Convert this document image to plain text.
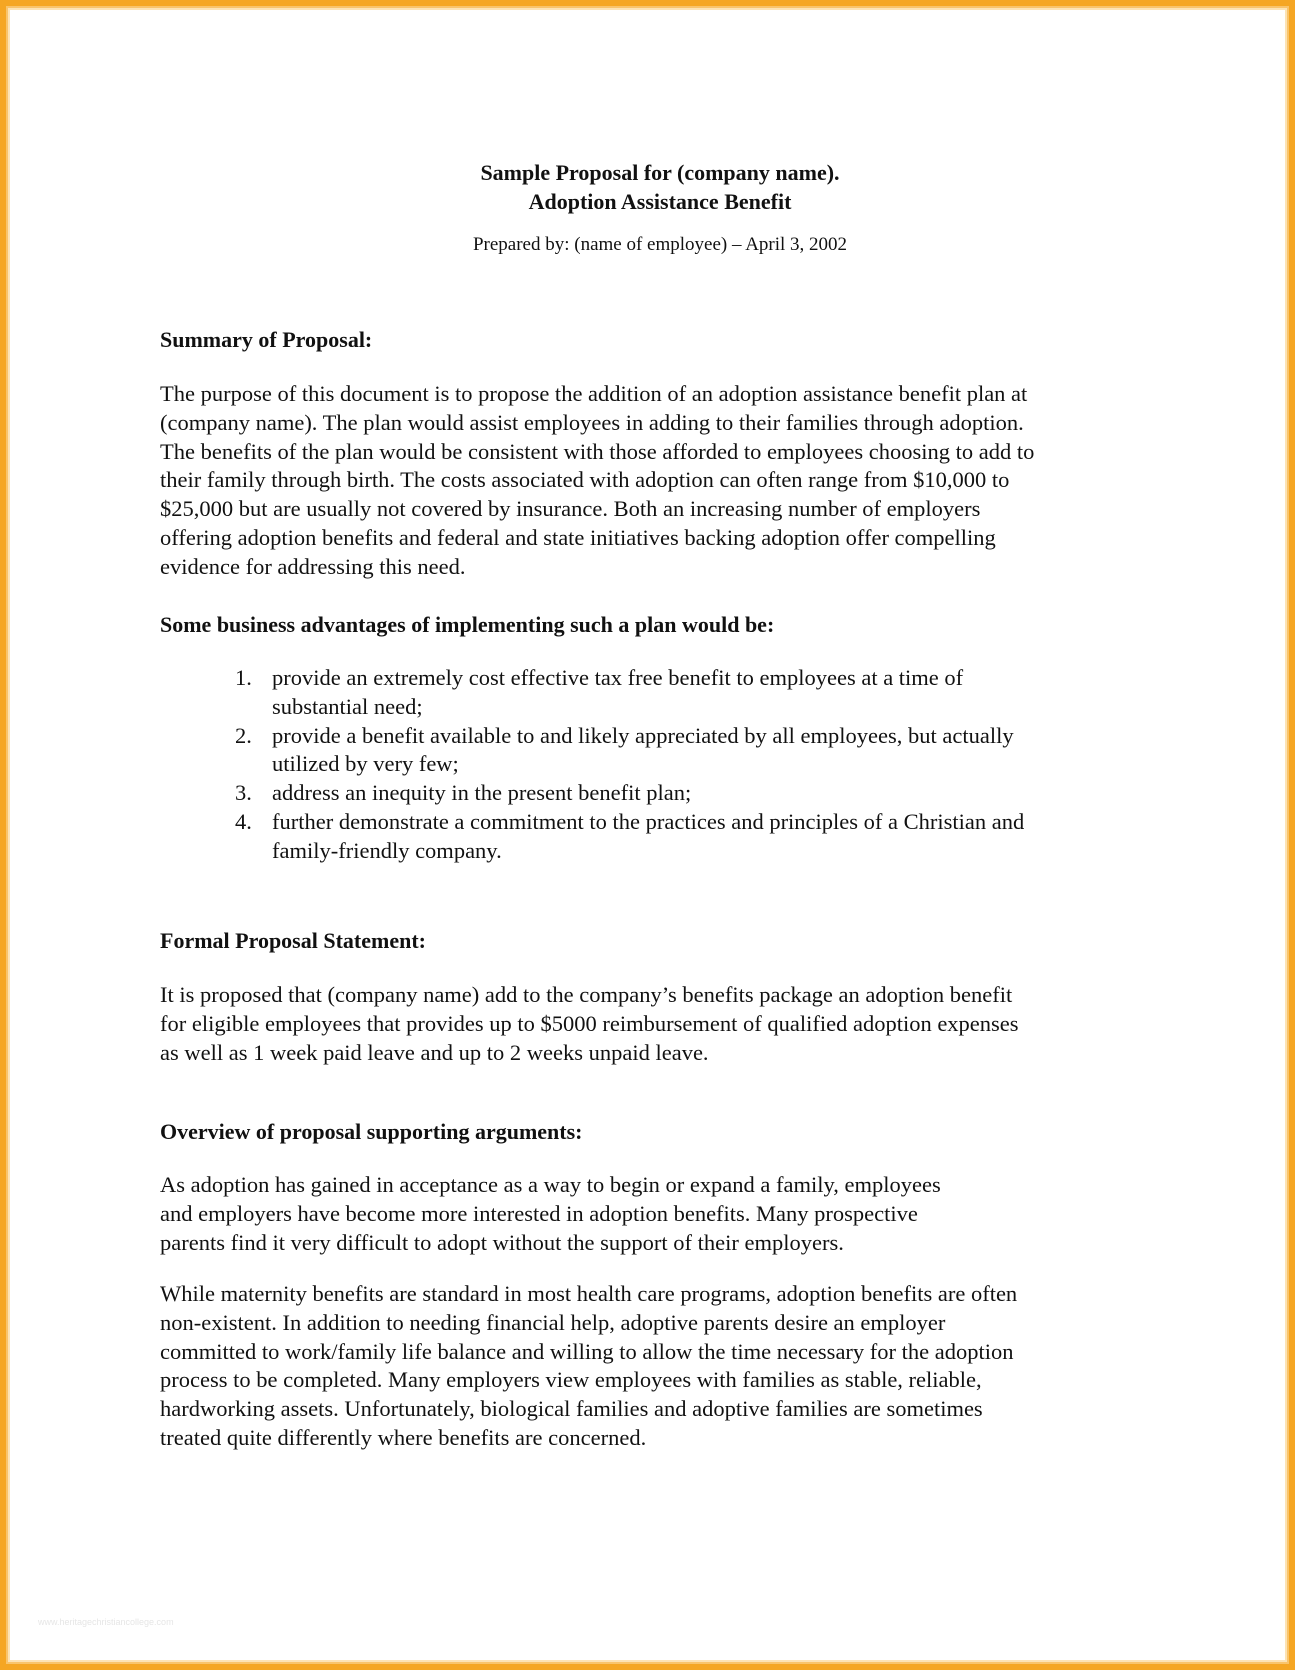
Sample Proposal for (company name).
Adoption Assistance Benefit
Prepared by: (name of employee) – April 3, 2002
Summary of Proposal:
The purpose of this document is to propose the addition of an adoption assistance benefit plan at
(company name). The plan would assist employees in adding to their families through adoption.
The benefits of the plan would be consistent with those afforded to employees choosing to add to
their family through birth. The costs associated with adoption can often range from $10,000 to
$25,000 but are usually not covered by insurance. Both an increasing number of employers
offering adoption benefits and federal and state initiatives backing adoption offer compelling
evidence for addressing this need.
Some business advantages of implementing such a plan would be:
1. provide an extremely cost effective tax free benefit to employees at a time of
substantial need;
2. provide a benefit available to and likely appreciated by all employees, but actually
utilized by very few;
3. address an inequity in the present benefit plan;
4. further demonstrate a commitment to the practices and principles of a Christian and
family-friendly company.
Formal Proposal Statement:
It is proposed that (company name) add to the company’s benefits package an adoption benefit
for eligible employees that provides up to $5000 reimbursement of qualified adoption expenses
as well as 1 week paid leave and up to 2 weeks unpaid leave.
Overview of proposal supporting arguments:
As adoption has gained in acceptance as a way to begin or expand a family, employees
and employers have become more interested in adoption benefits. Many prospective
parents find it very difficult to adopt without the support of their employers.
While maternity benefits are standard in most health care programs, adoption benefits are often
non-existent. In addition to needing financial help, adoptive parents desire an employer
committed to work/family life balance and willing to allow the time necessary for the adoption
process to be completed. Many employers view employees with families as stable, reliable,
hardworking assets. Unfortunately, biological families and adoptive families are sometimes
treated quite differently where benefits are concerned.
www.heritagechristiancollege.com
